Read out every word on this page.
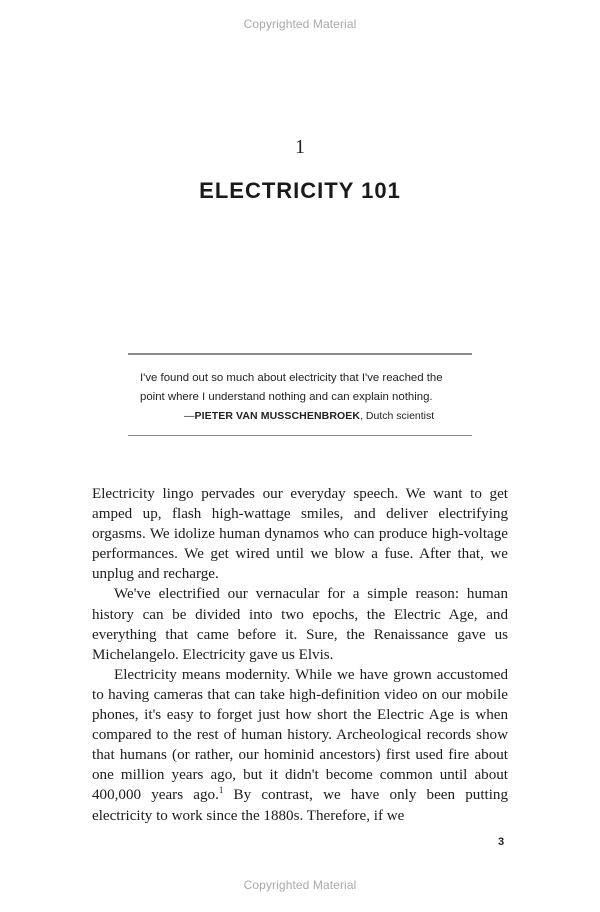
Copyrighted Material
1
ELECTRICITY 101
I've found out so much about electricity that I've reached the point where I understand nothing and can explain nothing.
—PIETER VAN MUSSCHENBROEK, Dutch scientist

Electricity lingo pervades our everyday speech. We want to get amped up, flash high-wattage smiles, and deliver electrifying orgasms. We idolize human dynamos who can produce high-voltage performances. We get wired until we blow a fuse. After that, we unplug and recharge.

We've electrified our vernacular for a simple reason: human history can be divided into two epochs, the Electric Age, and everything that came before it. Sure, the Renaissance gave us Michelangelo. Electricity gave us Elvis.

Electricity means modernity. While we have grown accustomed to having cameras that can take high-definition video on our mobile phones, it's easy to forget just how short the Electric Age is when compared to the rest of human history. Archeological records show that humans (or rather, our hominid ancestors) first used fire about one million years ago, but it didn't become common until about 400,000 years ago.$^1$ By contrast, we have only been putting electricity to work since the 1880s. Therefore, if we

3
Copyrighted Material
